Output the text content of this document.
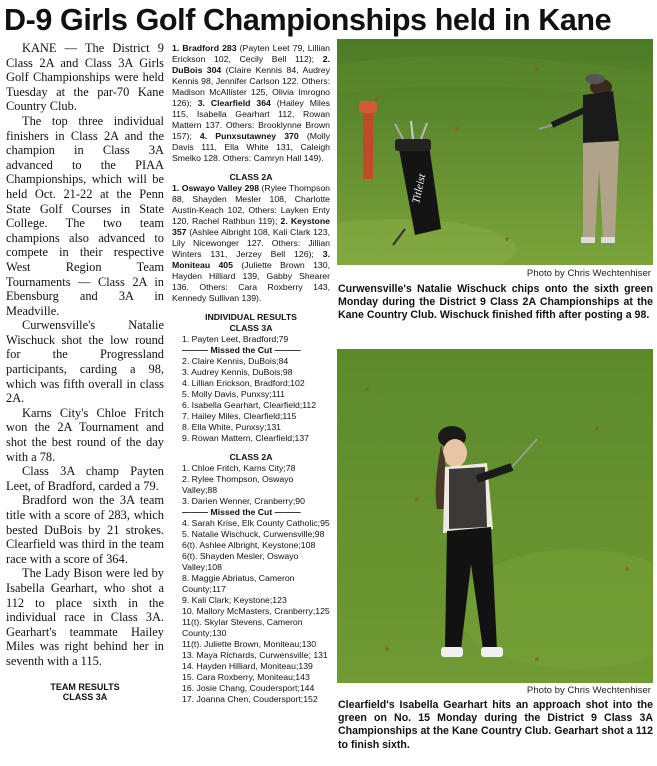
D-9 Girls Golf Championships held in Kane

KANE — The District 9 Class 2A and Class 3A Girls Golf Championships were held Tuesday at the par-70 Kane Country Club.

The top three individual finishers in Class 2A and the champion in Class 3A advanced to the PIAA Championships, which will be held Oct. 21-22 at the Penn State Golf Courses in State College. The two team champions also advanced to compete in their respective West Region Team Tournaments — Class 2A in Ebensburg and 3A in Meadville.

Curwensville's Natalie Wischuck shot the low round for the Progressland participants, carding a 98, which was fifth overall in class 2A.

Karns City's Chloe Fritch won the 2A Tournament and shot the best round of the day with a 78.

Class 3A champ Payten Leet, of Bradford, carded a 79.

Bradford won the 3A team title with a score of 283, which bested DuBois by 21 strokes. Clearfield was third in the team race with a score of 364.

The Lady Bison were led by Isabella Gearhart, who shot a 112 to place sixth in the individual race in Class 3A. Gearhart's teammate Hailey Miles was right behind her in seventh with a 115.

TEAM RESULTS

CLASS 3A

1. Bradford 283 (Payten Leet 79, Lillian Erickson 102, Cecily Bell 112); 2. DuBois 304 (Claire Kennis 84, Audrey Kennis 98, Jennifer Carlson 122. Others: Madison McAllister 125, Olivia Imrogno 126); 3. Clearfield 364 (Hailey Miles 115, Isabella Gearhart 112, Rowan Mattern 137. Others: Brooklynne Brown 157); 4. Punxsutawney 370 (Molly Davis 111, Ella White 131, Caleigh Smelko 128. Others: Camryn Hall 149).

CLASS 2A

1. Oswayo Valley 298 (Rylee Thompson 88, Shayden Mesler 108, Charlotte Austin-Keach 102, Others: Layken Enty 120, Rachel Rathbun 119); 2. Keystone 357 (Ashlee Albright 108, Kali Clark 123, Lily Nicewonger 127. Others: Jillian Winters 131, Jerzey Bell 126); 3. Moniteau 405 (Juliette Brown 130, Hayden Hilliard 139, Gabby Shearer 136. Others: Cara Roxberry 143, Kennedy Sullivan 139).

INDIVIDUAL RESULTS

CLASS 3A

1. Payten Leet, Bradford;79
——— Missed the Cut ———
2. Claire Kennis, DuBois;84
3. Audrey Kennis, DuBois;98
4. Lillian Erickson, Bradford;102
5. Molly Davis, Punxsy;111
6. Isabella Gearhart, Clearfield;112
7. Hailey Miles, Clearfield;115
8. Ella White, Punxsy;131
9. Rowan Mattern, Clearfield;137

CLASS 2A

1. Chloe Fritch, Karns City;78
2. Rylee Thompson, Oswayo Valley;88
3. Darien Wenner, Cranberry;90
——— Missed the Cut ———
4. Sarah Krise, Elk County Catholic;95
5. Natalie Wischuck, Curwensville;98
6(t). Ashlee Albright, Keystone;108
6(t). Shayden Mesler, Oswayo Valley;108
8. Maggie Abriatus, Cameron County;117
9. Kali Clark; Keystone;123
10. Mallory McMasters, Cranberry;125
11(t). Skylar Stevens, Cameron County;130
11(t). Juliette Brown, Moniteau;130
13. Maya Richards, Curwensville; 131
14. Hayden Hilliard, Moniteau;139
15. Cara Roxberry, Moniteau;143
16. Josie Chang, Coudersport;144
17. Joanna Chen, Coudersport;152
Titleist
Photo by Chris Wechtenhiser
Curwensville's Natalie Wischuck chips onto the sixth green Monday during the District 9 Class 2A Championships at the Kane Country Club. Wischuck finished fifth after posting a 98.
Photo by Chris Wechtenhiser
Clearfield's Isabella Gearhart hits an approach shot into the green on No. 15 Monday during the District 9 Class 3A Championships at the Kane Country Club. Gearhart shot a 112 to finish sixth.
